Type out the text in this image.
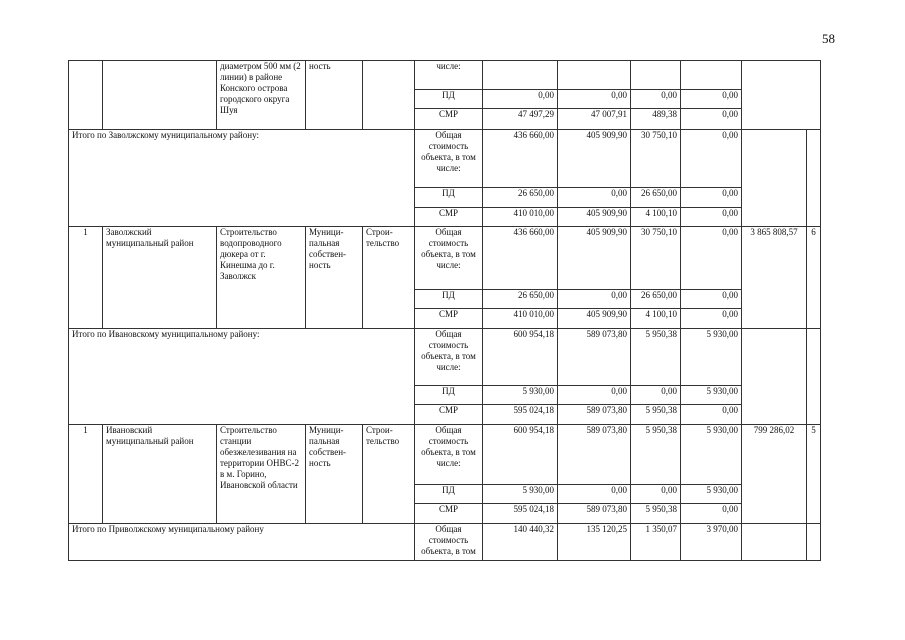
58
		диаметром 500 мм (2 линии) в районе Конского острова городского округа Шуя	ность		числе:						

					ПД	0,00	0,00	0,00	0,00		
					СМР	47 497,29	47 007,91	489,38	0,00		
Итого по Заволжскому муниципальному району:					Общая стоимость объекта, в том числе:	436 660,00	405 909,90	30 750,10	0,00		
					ПД	26 650,00	0,00	26 650,00	0,00		
					СМР	410 010,00	405 909,90	4 100,10	0,00		
1	Заволжский муниципальный район	Строительство водопроводного дюкера от г. Кинешма до г. Заволжск	Муници-пальная собствен-ность	Строи-тельство	Общая стоимость объекта, в том числе:	436 660,00	405 909,90	30 750,10	0,00	3 865 808,57	6
					ПД	26 650,00	0,00	26 650,00	0,00		
					СМР	410 010,00	405 909,90	4 100,10	0,00		
Итого по Ивановскому муниципальному району:					Общая стоимость объекта, в том числе:	600 954,18	589 073,80	5 950,38	5 930,00		
					ПД	5 930,00	0,00	0,00	5 930,00		
					СМР	595 024,18	589 073,80	5 950,38	0,00		
1	Ивановский муниципальный район	Строительство станции обезжелезивания на территории ОНВС-2 в м. Горино, Ивановской области	Муници-пальная собствен-ность	Строи-тельство	Общая стоимость объекта, в том числе:	600 954,18	589 073,80	5 950,38	5 930,00	799 286,02	5
					ПД	5 930,00	0,00	0,00	5 930,00		
					СМР	595 024,18	589 073,80	5 950,38	0,00		
Итого по Приволжскому муниципальному району					Общая стоимость объекта, в том	140 440,32	135 120,25	1 350,07	3 970,00		
